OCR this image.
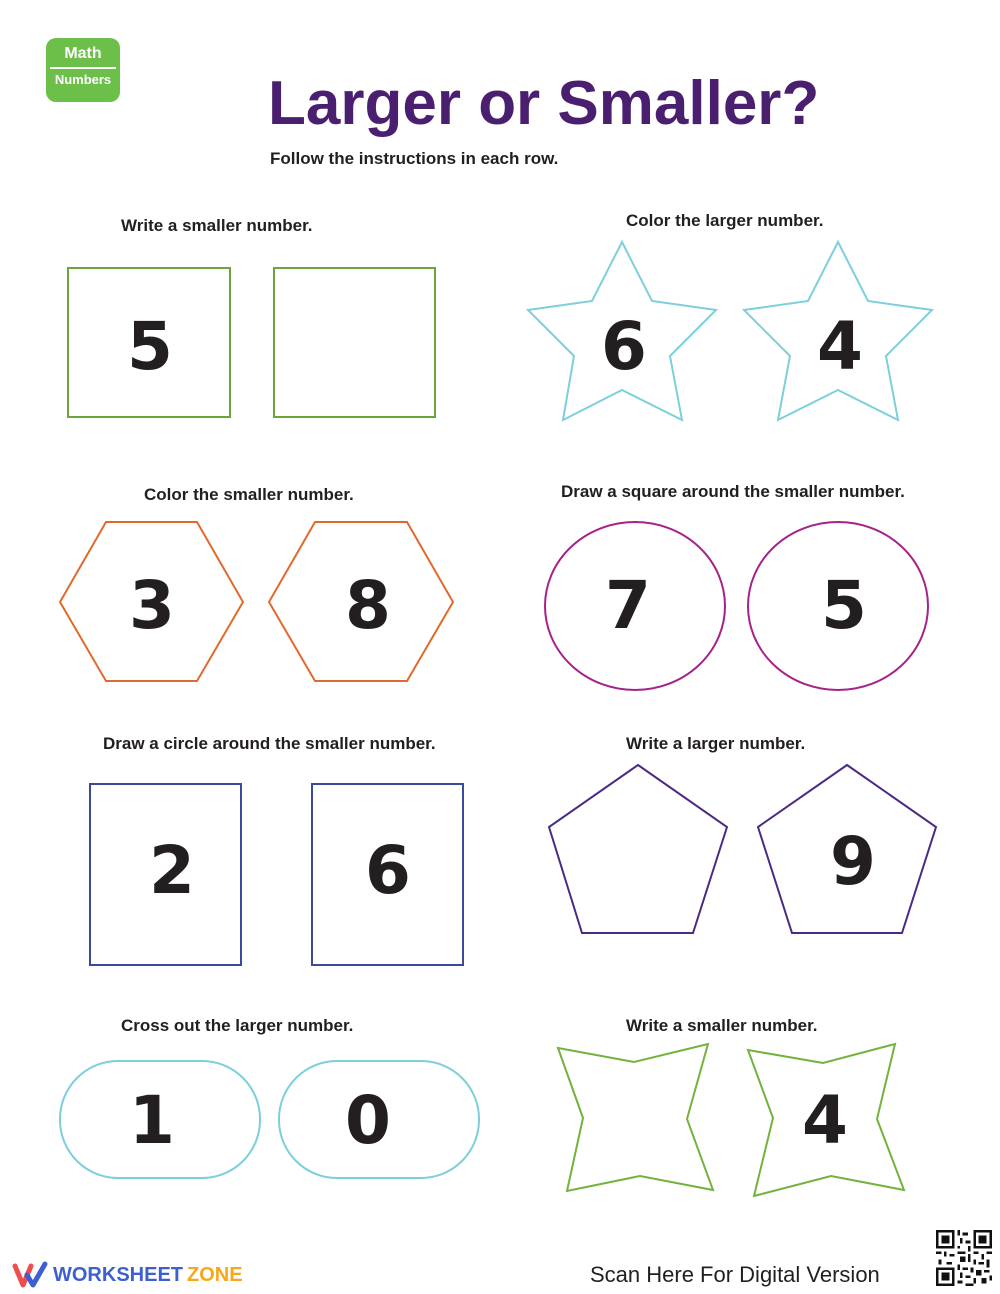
Math
Numbers	Larger or Smaller?
Follow the instructions in each row.
Write a smaller number.	Color the larger number.
Color the smaller number.	Draw a square around the smaller number.
Draw a circle around the smaller number.	Write a larger number.
Cross out the larger number.	Write a smaller number.
5	6	4
3	8	7	5
2	6	9
1	0	4
WORKSHEET ZONE	Scan Here For Digital Version
